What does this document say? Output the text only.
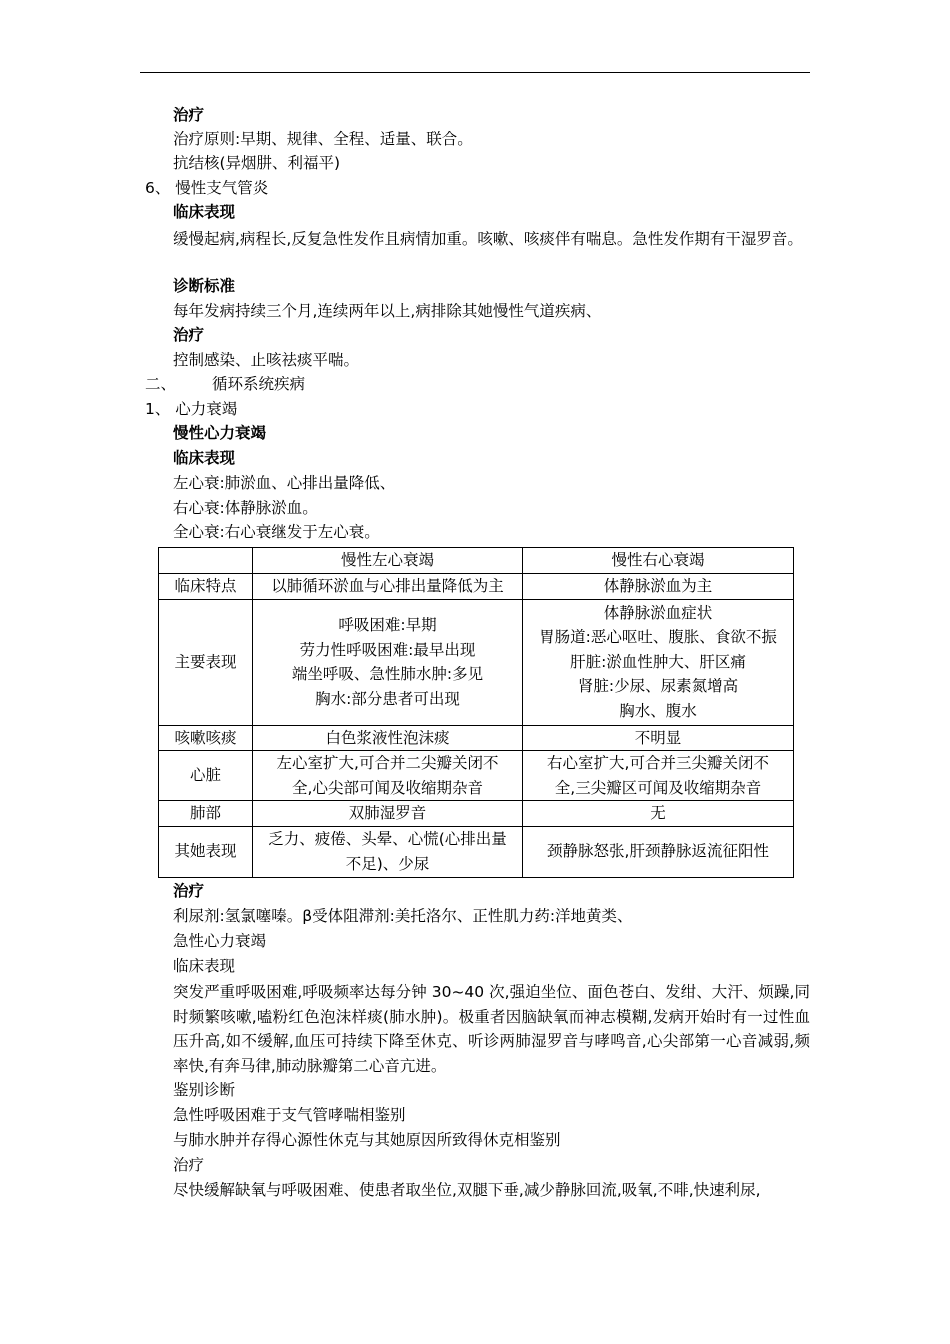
治疗
治疗原则:早期、规律、全程、适量、联合。
抗结核(异烟肼、利福平)
6、 慢性支气管炎
临床表现
缓慢起病,病程长,反复急性发作且病情加重。咳嗽、咳痰伴有喘息。急性发作期有干湿罗音。
诊断标准
每年发病持续三个月,连续两年以上,病排除其她慢性气道疾病、
治疗
控制感染、止咳祛痰平喘。
二、 循环系统疾病
1、 心力衰竭
慢性心力衰竭
临床表现
左心衰:肺淤血、心排出量降低、
右心衰:体静脉淤血。
全心衰:右心衰继发于左心衰。
	慢性左心衰竭	慢性右心衰竭
临床特点	以肺循环淤血与心排出量降低为主	体静脉淤血为主

主要表现	呼吸困难:早期
劳力性呼吸困难:最早出现
端坐呼吸、急性肺水肿:多见
胸水:部分患者可出现	体静脉淤血症状
胃肠道:恶心呕吐、腹胀、食欲不振
肝脏:淤血性肿大、肝区痛
肾脏:少尿、尿素氮增高
胸水、腹水

咳嗽咳痰	白色浆液性泡沫痰	不明显

心脏	左心室扩大,可合并二尖瓣关闭不
全,心尖部可闻及收缩期杂音	右心室扩大,可合并三尖瓣关闭不
全,三尖瓣区可闻及收缩期杂音

肺部	双肺湿罗音	无

其她表现	乏力、疲倦、头晕、心慌(心排出量
不足)、少尿	颈静脉怒张,肝颈静脉返流征阳性
治疗
利尿剂:氢氯噻嗪。β受体阻滞剂:美托洛尔、正性肌力药:洋地黄类、
急性心力衰竭
临床表现
突发严重呼吸困难,呼吸频率达每分钟 30~40 次,强迫坐位、面色苍白、发绀、大汗、烦躁,同时频繁咳嗽,嗑粉红色泡沫样痰(肺水肿)。极重者因脑缺氧而神志模糊,发病开始时有一过性血压升高,如不缓解,血压可持续下降至休克、听诊两肺湿罗音与哮鸣音,心尖部第一心音减弱,频率快,有奔马律,肺动脉瓣第二心音亢进。
鉴别诊断
急性呼吸困难于支气管哮喘相鉴别
与肺水肿并存得心源性休克与其她原因所致得休克相鉴别
治疗
尽快缓解缺氧与呼吸困难、使患者取坐位,双腿下垂,减少静脉回流,吸氧,不啡,快速利尿,
